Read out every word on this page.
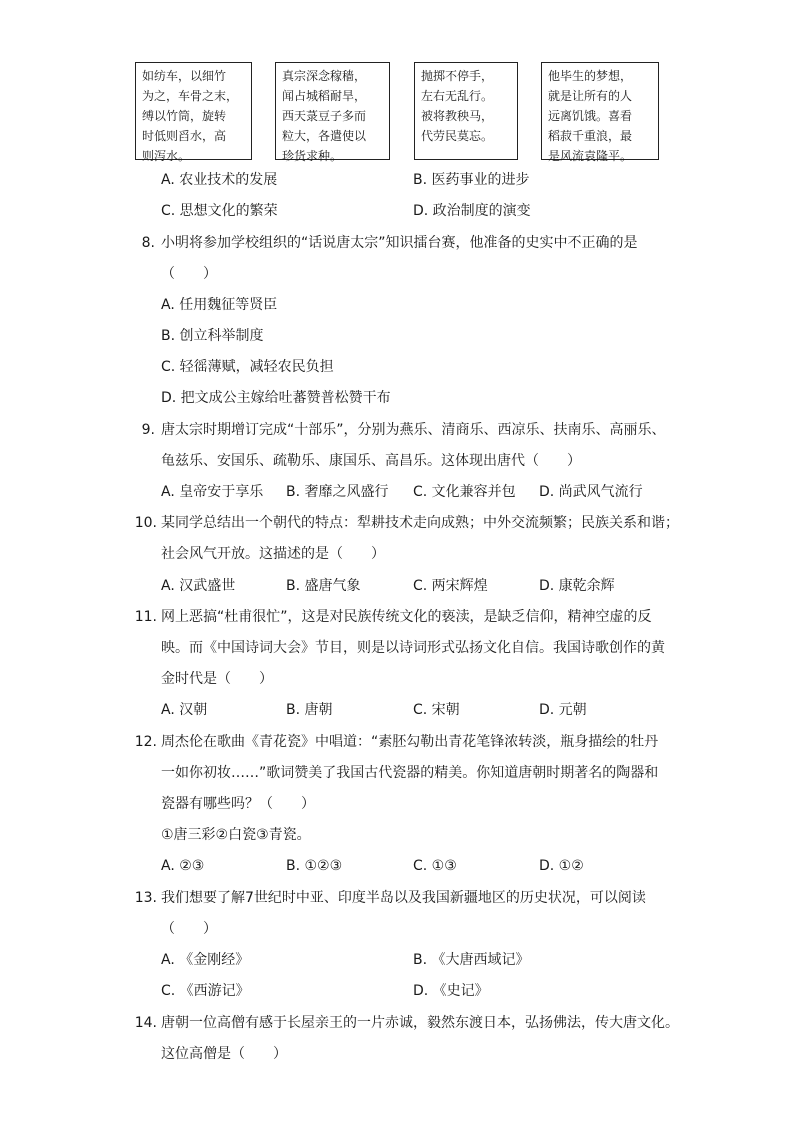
如纺车，以细竹
为之，车骨之末，
缚以竹筒，旋转
时低则舀水，高
则泻水。
真宗深念稼穑，
闻占城稻耐旱，
西天菉豆子多而
粒大，各遣使以
珍货求种。
抛掷不停手，
左右无乱行。
被将教秧马，
代劳民莫忘。
他毕生的梦想，
就是让所有的人
远离饥饿。喜看
稻菽千重浪，最
是风流袁隆平。
A. 农业技术的发展	B. 医药事业的进步
C. 思想文化的繁荣	D. 政治制度的演变
8. 小明将参加学校组织的“话说唐太宗”知识擂台赛，他准备的史实中不正确的是
（　　）
A. 任用魏征等贤臣
B. 创立科举制度
C. 轻徭薄赋，减轻农民负担
D. 把文成公主嫁给吐蕃赞普松赞干布
9. 唐太宗时期增订完成“十部乐”，分别为燕乐、清商乐、西凉乐、扶南乐、高丽乐、
龟兹乐、安国乐、疏勒乐、康国乐、高昌乐。这体现出唐代（　　）
A. 皇帝安于享乐 B. 奢靡之风盛行 C. 文化兼容并包 D. 尚武风气流行
10. 某同学总结出一个朝代的特点：犁耕技术走向成熟；中外交流频繁；民族关系和谐；
社会风气开放。这描述的是（　　）
A. 汉武盛世	B. 盛唐气象	C. 两宋辉煌	D. 康乾余辉
11. 网上恶搞“杜甫很忙”，这是对民族传统文化的亵渎，是缺乏信仰，精神空虚的反
映。而《中国诗词大会》节目，则是以诗词形式弘扬文化自信。我国诗歌创作的黄
金时代是（　　）
A. 汉朝	B. 唐朝	C. 宋朝	D. 元朝
12. 周杰伦在歌曲《青花瓷》中唱道：“素胚勾勒出青花笔锋浓转淡，瓶身描绘的牡丹
一如你初妆……”歌词赞美了我国古代瓷器的精美。你知道唐朝时期著名的陶器和
瓷器有哪些吗？（　　）
①唐三彩②白瓷③青瓷。
A. ②③	B. ①②③	C. ①③	D. ①②
13. 我们想要了解7世纪时中亚、印度半岛以及我国新疆地区的历史状况，可以阅读
（　　）
A. 《金刚经》	B. 《大唐西域记》
C. 《西游记》	D. 《史记》
14. 唐朝一位高僧有感于长屋亲王的一片赤诚，毅然东渡日本，弘扬佛法，传大唐文化。
这位高僧是（　　）
